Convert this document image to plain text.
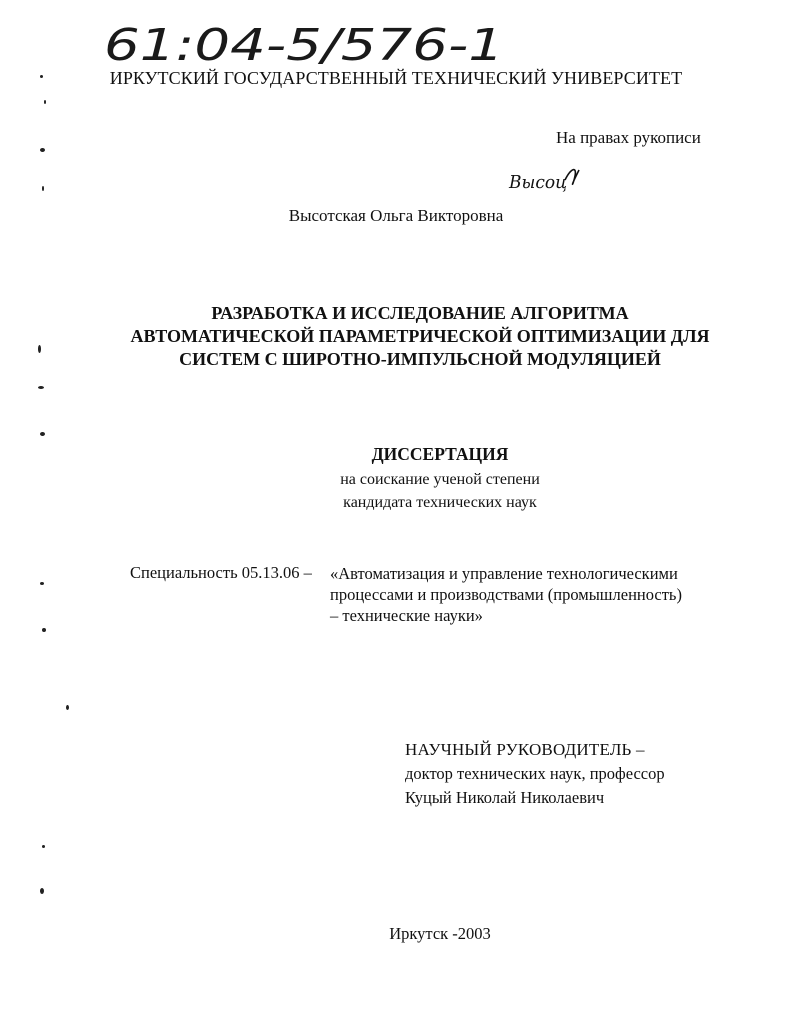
61:04-5/576-1
ИРКУТСКИЙ ГОСУДАРСТВЕННЫЙ ТЕХНИЧЕСКИЙ УНИВЕРСИТЕТ
На правах рукописи
Высоц
Высотская Ольга Викторовна
РАЗРАБОТКА И ИССЛЕДОВАНИЕ АЛГОРИТМА
АВТОМАТИЧЕСКОЙ ПАРАМЕТРИЧЕСКОЙ ОПТИМИЗАЦИИ ДЛЯ
СИСТЕМ С ШИРОТНО-ИМПУЛЬСНОЙ МОДУЛЯЦИЕЙ
ДИССЕРТАЦИЯ
на соискание ученой степени
кандидата технических наук
Специальность 05.13.06 – «Автоматизация и управление технологическими
процессами и производствами (промышленность)
– технические науки»
НАУЧНЫЙ РУКОВОДИТЕЛЬ –
доктор технических наук, профессор
Куцый Николай Николаевич
Иркутск -2003
